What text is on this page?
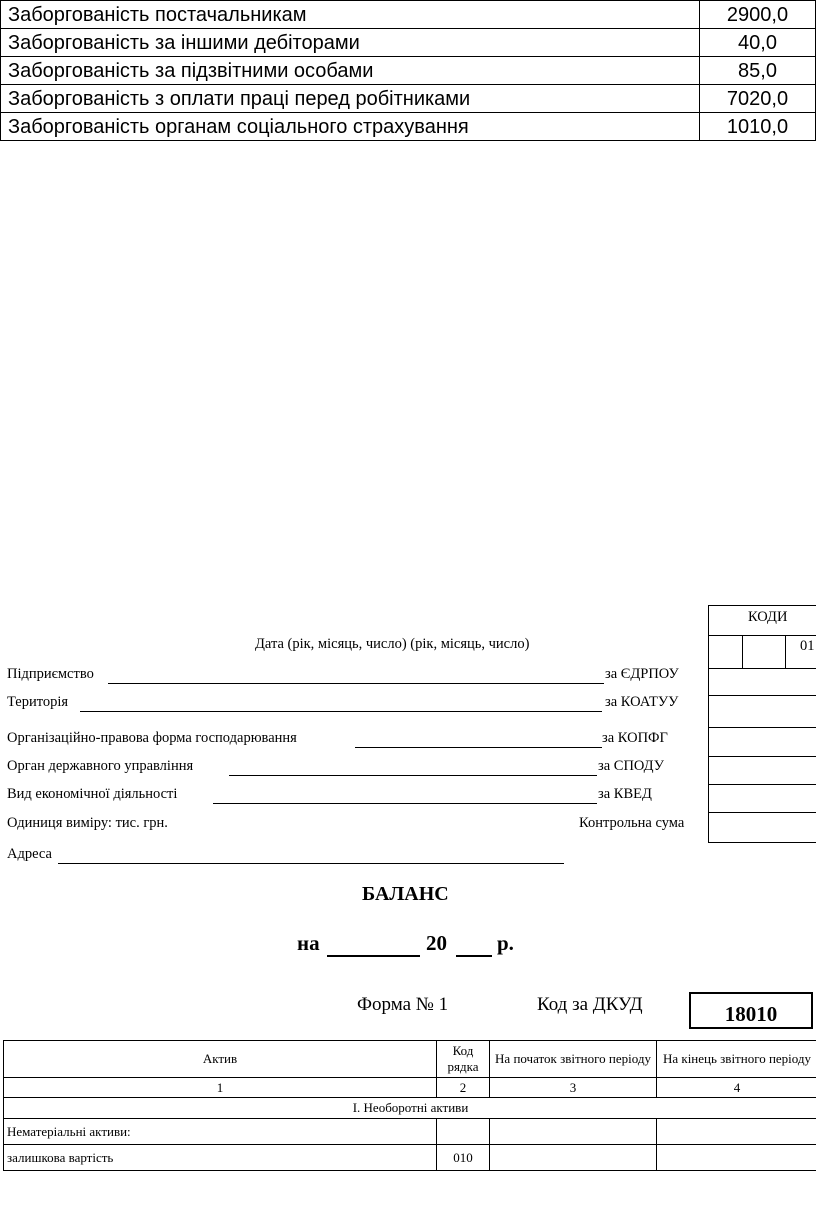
Заборгованість постачальникам	2900,0
Заборгованість за іншими дебіторами	40,0
Заборгованість за підзвітними особами	85,0
Заборгованість з оплати праці перед робітниками	7020,0
Заборгованість органам соціального страхування	1010,0
КОДИ
01
Дата (рік, місяць, число) (рік, місяць, число)
Підприємство	за ЄДРПОУ
Територія	за КОАТУУ
Організаційно-правова форма господарювання	за КОПФГ
Орган державного управління	за СПОДУ
Вид економічної діяльності	за КВЕД
Одиниця виміру: тис. грн.	Контрольна сума
Адреса
БАЛАНС
на	20 р.
Форма № 1	Код за ДКУД	18010
Актив	Код рядка	На початок звітного періоду	На кінець звітного періоду
1	2	3	4
І. Необоротні активи			
Нематеріальні активи:			
залишкова вартість	010		
